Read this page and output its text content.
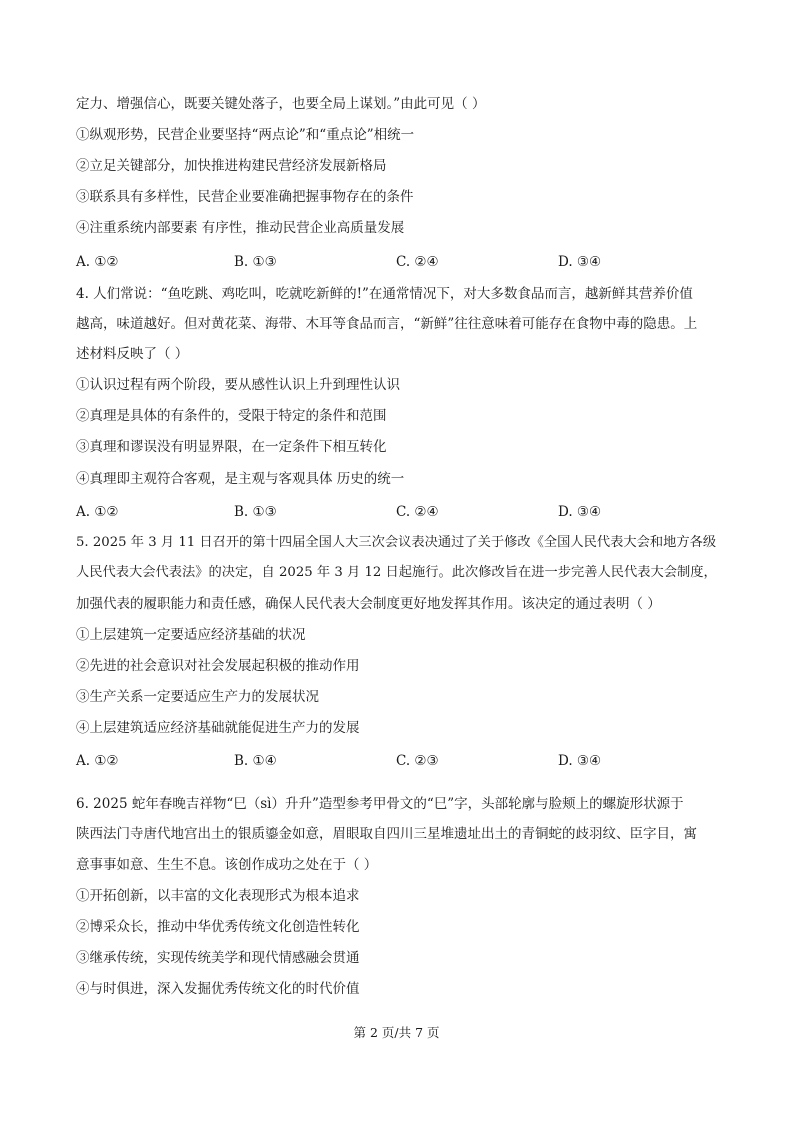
定力、增强信心，既要关键处落子，也要全局上谋划。”由此可见（ ）
①纵观形势，民营企业要坚持“两点论”和“重点论”相统一
②立足关键部分，加快推进构建民营经济发展新格局
③联系具有多样性，民营企业要准确把握事物存在的条件
④注重系统内部要素 有序性，推动民营企业高质量发展
A. ①②	B. ①③	C. ②④	D. ③④
4. 人们常说：“鱼吃跳、鸡吃叫，吃就吃新鲜的!”在通常情况下，对大多数食品而言，越新鲜其营养价值
越高，味道越好。但对黄花菜、海带、木耳等食品而言，“新鲜”往往意味着可能存在食物中毒的隐患。上
述材料反映了（ ）
①认识过程有两个阶段，要从感性认识上升到理性认识
②真理是具体的有条件的，受限于特定的条件和范围
③真理和谬误没有明显界限，在一定条件下相互转化
④真理即主观符合客观，是主观与客观具体 历史的统一
A. ①②	B. ①③	C. ②④	D. ③④
5. 2025 年 3 月 11 日召开的第十四届全国人大三次会议表决通过了关于修改《全国人民代表大会和地方各级
人民代表大会代表法》的决定，自 2025 年 3 月 12 日起施行。此次修改旨在进一步完善人民代表大会制度，
加强代表的履职能力和责任感，确保人民代表大会制度更好地发挥其作用。该决定的通过表明（ ）
①上层建筑一定要适应经济基础的状况
②先进的社会意识对社会发展起积极的推动作用
③生产关系一定要适应生产力的发展状况
④上层建筑适应经济基础就能促进生产力的发展
A. ①②	B. ①④	C. ②③	D. ③④
6. 2025 蛇年春晚吉祥物“巳（sì）升升”造型参考甲骨文的“巳”字，头部轮廓与脸颊上的螺旋形状源于
陕西法门寺唐代地宫出土的银质鎏金如意，眉眼取自四川三星堆遗址出土的青铜蛇的歧羽纹、臣字目，寓
意事事如意、生生不息。该创作成功之处在于（ ）
①开拓创新，以丰富的文化表现形式为根本追求
②博采众长，推动中华优秀传统文化创造性转化
③继承传统，实现传统美学和现代情感融会贯通
④与时俱进，深入发掘优秀传统文化的时代价值
第 2 页/共 7 页
